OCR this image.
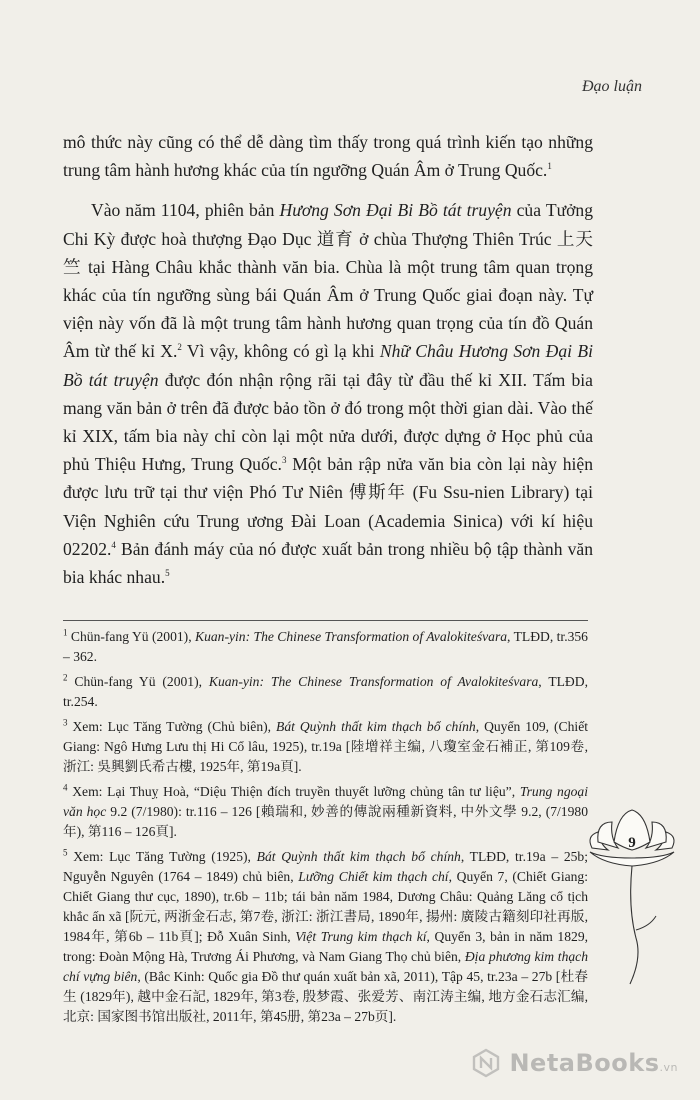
Đạo luận

mô thức này cũng có thể dễ dàng tìm thấy trong quá trình kiến tạo những trung tâm hành hương khác của tín ngưỡng Quán Âm ở Trung Quốc.$^1$

Vào năm 1104, phiên bản Hương Sơn Đại Bi Bồ tát truyện của Tưởng Chi Kỳ được hoà thượng Đạo Dục 道育 ở chùa Thượng Thiên Trúc 上天竺 tại Hàng Châu khắc thành văn bia. Chùa là một trung tâm quan trọng khác của tín ngưỡng sùng bái Quán Âm ở Trung Quốc giai đoạn này. Tự viện này vốn đã là một trung tâm hành hương quan trọng của tín đồ Quán Âm từ thế kỉ X.$^2$ Vì vậy, không có gì lạ khi Nhữ Châu Hương Sơn Đại Bi Bồ tát truyện được đón nhận rộng rãi tại đây từ đầu thế kỉ XII. Tấm bia mang văn bản ở trên đã được bảo tồn ở đó trong một thời gian dài. Vào thế kỉ XIX, tấm bia này chỉ còn lại một nửa dưới, được dựng ở Học phủ của phủ Thiệu Hưng, Trung Quốc.$^3$ Một bản rập nửa văn bia còn lại này hiện được lưu trữ tại thư viện Phó Tư Niên 傅斯年 (Fu Ssu-nien Library) tại Viện Nghiên cứu Trung ương Đài Loan (Academia Sinica) với kí hiệu 02202.$^4$ Bản đánh máy của nó được xuất bản trong nhiều bộ tập thành văn bia khác nhau.$^5$

$^1$ Chün-fang Yü (2001), Kuan-yin: The Chinese Transformation of Avalokiteśvara, TLĐD, tr.356 – 362.

$^2$ Chün-fang Yü (2001), Kuan-yin: The Chinese Transformation of Avalokiteśvara, TLĐD, tr.254.

$^3$ Xem: Lục Tăng Tường (Chủ biên), Bát Quỳnh thất kim thạch bổ chính, Quyển 109, (Chiết Giang: Ngô Hưng Lưu thị Hi Cổ lâu, 1925), tr.19a [陸增祥主编, 八瓊室金石補正, 第109卷, 浙江: 吳興劉氏希古樓, 1925年, 第19a頁].

$^4$ Xem: Lại Thuỵ Hoà, “Diệu Thiện đích truyền thuyết lưỡng chủng tân tư liệu”, Trung ngoại văn học 9.2 (7/1980): tr.116 – 126 [賴瑞和, 妙善的傳說兩種新資料, 中外文學 9.2, (7/1980年), 第116 – 126頁].

$^5$ Xem: Lục Tăng Tường (1925), Bát Quỳnh thất kim thạch bổ chính, TLĐD, tr.19a – 25b; Nguyễn Nguyên (1764 – 1849) chủ biên, Lưỡng Chiết kim thạch chí, Quyển 7, (Chiết Giang: Chiết Giang thư cục, 1890), tr.6b – 11b; tái bản năm 1984, Dương Châu: Quảng Lăng cổ tịch khắc ấn xã [阮元, 两浙金石志, 第7卷, 浙江: 浙江書局, 1890年, 揚州: 廣陵古籍刻印社再版, 1984年, 第6b – 11b頁]; Đỗ Xuân Sinh, Việt Trung kim thạch kí, Quyển 3, bản in năm 1829, trong: Đoàn Mộng Hà, Trương Ái Phương, và Nam Giang Thọ chủ biên, Địa phương kim thạch chí vựng biên, (Bắc Kinh: Quốc gia Đồ thư quán xuất bản xã, 2011), Tập 45, tr.23a – 27b [杜春生 (1829年), 越中金石記, 1829年, 第3卷, 殷梦霞、张爱芳、南江涛主编, 地方金石志汇编, 北京: 国家图书馆出版社, 2011年, 第45册, 第23a – 27b页].

9
NetaBooks.vn
